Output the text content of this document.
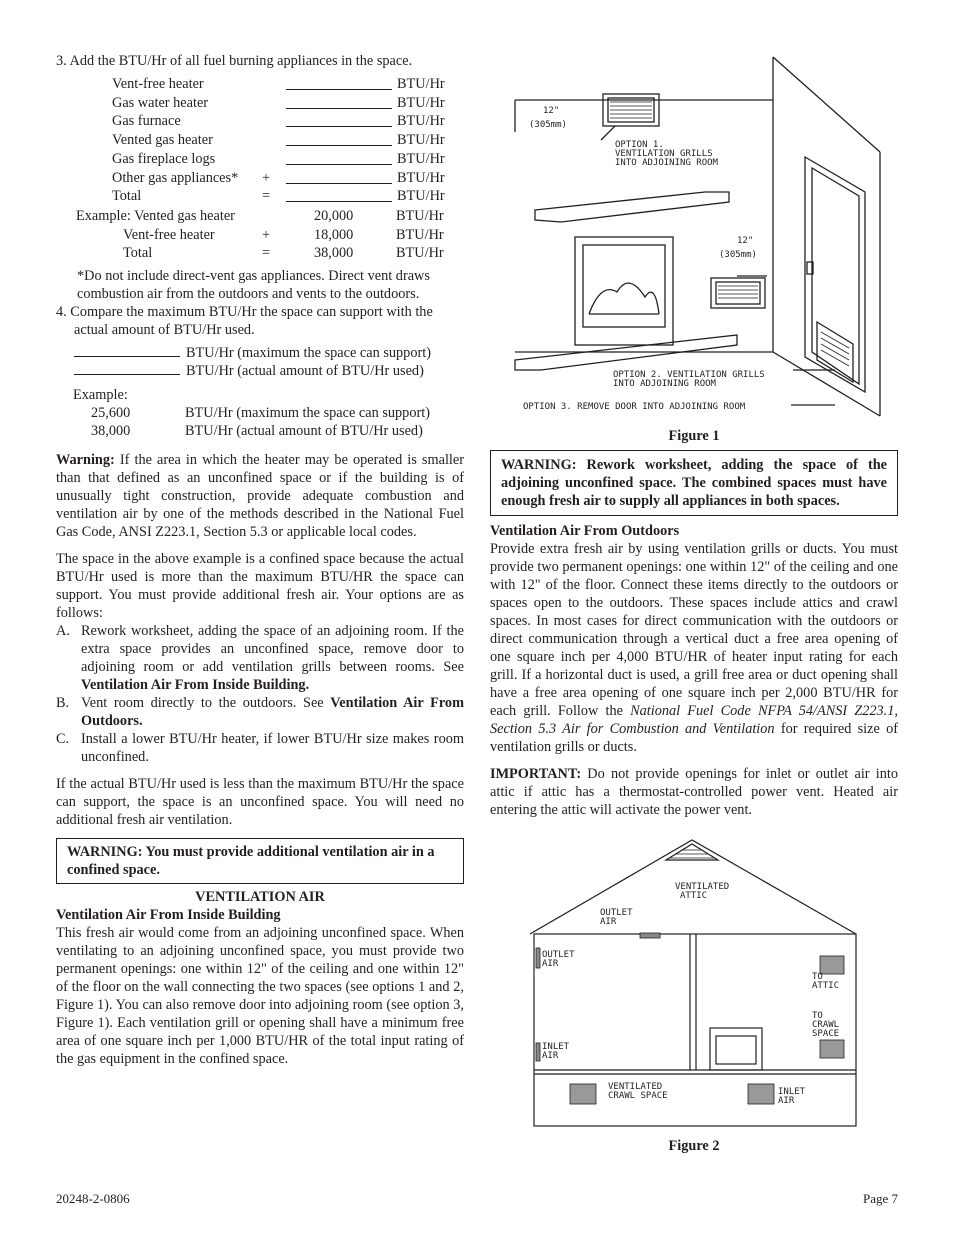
3. Add the BTU/Hr of all fuel burning appliances in the space.

Vent-free heater	BTU/Hr
Gas water heater	BTU/Hr
Gas furnace	BTU/Hr
Vented gas heater	BTU/Hr
Gas fireplace logs	BTU/Hr
Other gas appliances* +	BTU/Hr
Total	=	BTU/Hr
Example: Vented gas heater	20,000	BTU/Hr
Vent-free heater	+	18,000	BTU/Hr
Total	=	38,000	BTU/Hr

*Do not include direct-vent gas appliances. Direct vent draws combustion air from the outdoors and vents to the outdoors.

4. Compare the maximum BTU/Hr the space can support with the actual amount of BTU/Hr used.

BTU/Hr (maximum the space can support)
BTU/Hr (actual amount of BTU/Hr used)
Example:
25,600	BTU/Hr (maximum the space can support)
38,000	BTU/Hr (actual amount of BTU/Hr used)

Warning: If the area in which the heater may be operated is smaller than that defined as an unconfined space or if the building is of unusually tight construction, provide adequate combustion and ventilation air by one of the methods described in the National Fuel Gas Code, ANSI Z223.1, Section 5.3 or applicable local codes.

The space in the above example is a confined space because the actual BTU/Hr used is more than the maximum BTU/HR the space can support. You must provide additional fresh air. Your options are as follows:

A. Rework worksheet, adding the space of an adjoining room. If the extra space provides an unconfined space, remove door to adjoining room or add ventilation grills between rooms. See Ventilation Air From Inside Building.

B. Vent room directly to the outdoors. See Ventilation Air From Outdoors.

C. Install a lower BTU/Hr heater, if lower BTU/Hr size makes room unconfined.

If the actual BTU/Hr used is less than the maximum BTU/Hr the space can support, the space is an unconfined space. You will need no additional fresh air ventilation.

WARNING: You must provide additional ventilation air in a confined space.

VENTILATION AIR

Ventilation Air From Inside Building

This fresh air would come from an adjoining unconfined space. When ventilating to an adjoining unconfined space, you must provide two permanent openings: one within 12" of the ceiling and one within 12" of the floor on the wall connecting the two spaces (see options 1 and 2, Figure 1). You can also remove door into adjoining room (see option 3, Figure 1). Each ventilation grill or opening shall have a minimum free area of one square inch per 1,000 BTU/HR of the total input rating of the gas equipment in the confined space.

12"
(305mm)
OPTION 1.
VENTILATION GRILLS
INTO ADJOINING ROOM
12"
(305mm)
OPTION 2. VENTILATION GRILLS
INTO ADJOINING ROOM
OPTION 3. REMOVE DOOR INTO ADJOINING ROOM
Figure 1
WARNING: Rework worksheet, adding the space of the adjoining unconfined space. The combined spaces must have enough fresh air to supply all appliances in both spaces.

Ventilation Air From Outdoors

Provide extra fresh air by using ventilation grills or ducts. You must provide two permanent openings: one within 12" of the ceiling and one with 12" of the floor. Connect these items directly to the outdoors or spaces open to the outdoors. These spaces include attics and crawl spaces. In most cases for direct communication with the outdoors or direct communication through a vertical duct a free area opening of one square inch per 4,000 BTU/HR of heater input rating for each grill. If a horizontal duct is used, a grill free area or duct opening shall have a free area opening of one square inch per 2,000 BTU/HR for each grill. Follow the National Fuel Code NFPA 54/ANSI Z223.1, Section 5.3 Air for Combustion and Ventilation for required size of ventilation grills or ducts.

IMPORTANT: Do not provide openings for inlet or outlet air into attic if attic has a thermostat-controlled power vent. Heated air entering the attic will activate the power vent.

VENTILATED
ATTIC
OUTLET
AIR
OUTLET
AIR
INLET
AIR
TO
ATTIC
TO
CRAWL
SPACE
VENTILATED
CRAWL SPACE	INLET
AIR
Figure 2
20248-2-0806	Page 7
